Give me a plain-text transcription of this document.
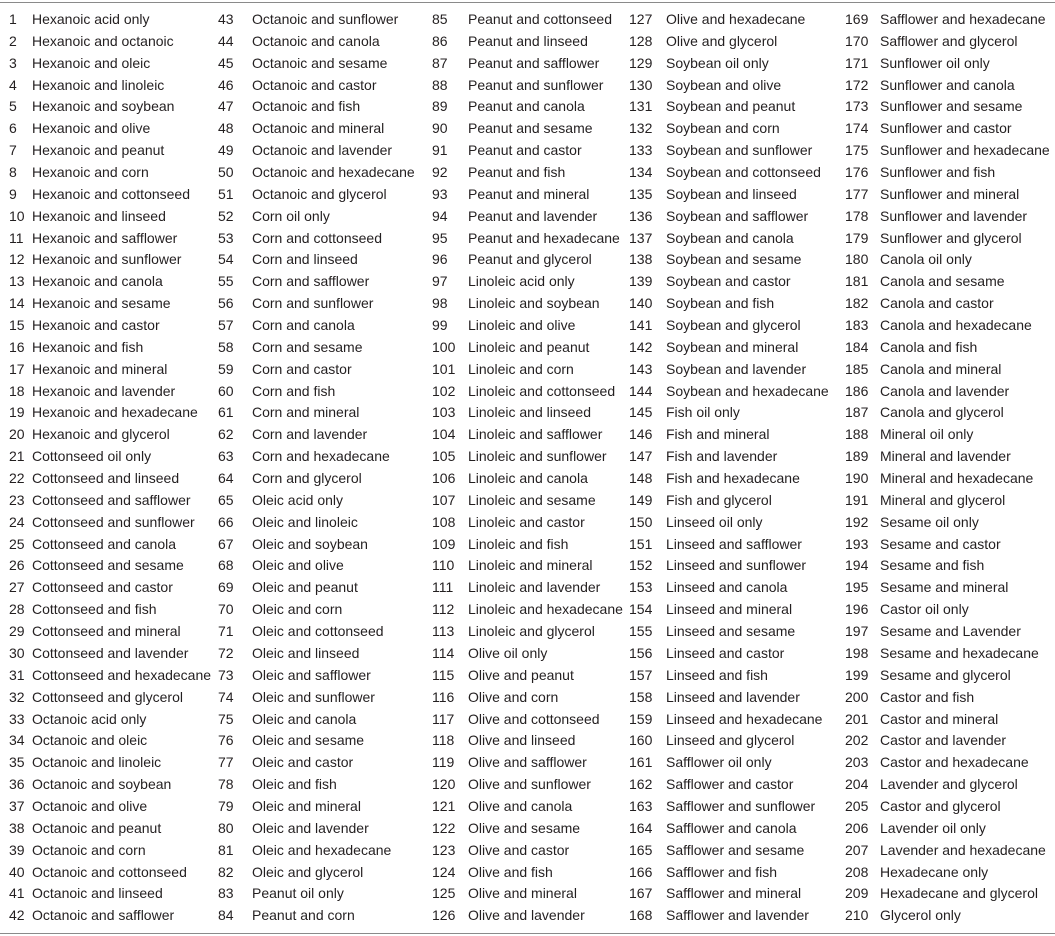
1 Hexanoic acid only
2 Hexanoic and octanoic
3 Hexanoic and oleic
4 Hexanoic and linoleic
5 Hexanoic and soybean
6 Hexanoic and olive
7 Hexanoic and peanut
8 Hexanoic and corn
9 Hexanoic and cottonseed
10 Hexanoic and linseed
11 Hexanoic and safflower
12 Hexanoic and sunflower
13 Hexanoic and canola
14 Hexanoic and sesame
15 Hexanoic and castor
16 Hexanoic and fish
17 Hexanoic and mineral
18 Hexanoic and lavender
19 Hexanoic and hexadecane
20 Hexanoic and glycerol
21 Cottonseed oil only
22 Cottonseed and linseed
23 Cottonseed and safflower
24 Cottonseed and sunflower
25 Cottonseed and canola
26 Cottonseed and sesame
27 Cottonseed and castor
28 Cottonseed and fish
29 Cottonseed and mineral
30 Cottonseed and lavender
31 Cottonseed and hexadecane
32 Cottonseed and glycerol
33 Octanoic acid only
34 Octanoic and oleic
35 Octanoic and linoleic
36 Octanoic and soybean
37 Octanoic and olive
38 Octanoic and peanut
39 Octanoic and corn
40 Octanoic and cottonseed
41 Octanoic and linseed
42 Octanoic and safflower
43 Octanoic and sunflower
44 Octanoic and canola
45 Octanoic and sesame
46 Octanoic and castor
47 Octanoic and fish
48 Octanoic and mineral
49 Octanoic and lavender
50 Octanoic and hexadecane
51 Octanoic and glycerol
52 Corn oil only
53 Corn and cottonseed
54 Corn and linseed
55 Corn and safflower
56 Corn and sunflower
57 Corn and canola
58 Corn and sesame
59 Corn and castor
60 Corn and fish
61 Corn and mineral
62 Corn and lavender
63 Corn and hexadecane
64 Corn and glycerol
65 Oleic acid only
66 Oleic and linoleic
67 Oleic and soybean
68 Oleic and olive
69 Oleic and peanut
70 Oleic and corn
71 Oleic and cottonseed
72 Oleic and linseed
73 Oleic and safflower
74 Oleic and sunflower
75 Oleic and canola
76 Oleic and sesame
77 Oleic and castor
78 Oleic and fish
79 Oleic and mineral
80 Oleic and lavender
81 Oleic and hexadecane
82 Oleic and glycerol
83 Peanut oil only
84 Peanut and corn
85 Peanut and cottonseed
86 Peanut and linseed
87 Peanut and safflower
88 Peanut and sunflower
89 Peanut and canola
90 Peanut and sesame
91 Peanut and castor
92 Peanut and fish
93 Peanut and mineral
94 Peanut and lavender
95 Peanut and hexadecane
96 Peanut and glycerol
97 Linoleic acid only
98 Linoleic and soybean
99 Linoleic and olive
100 Linoleic and peanut
101 Linoleic and corn
102 Linoleic and cottonseed
103 Linoleic and linseed
104 Linoleic and safflower
105 Linoleic and sunflower
106 Linoleic and canola
107 Linoleic and sesame
108 Linoleic and castor
109 Linoleic and fish
110 Linoleic and mineral
111 Linoleic and lavender
112 Linoleic and hexadecane
113 Linoleic and glycerol
114 Olive oil only
115 Olive and peanut
116 Olive and corn
117 Olive and cottonseed
118 Olive and linseed
119 Olive and safflower
120 Olive and sunflower
121 Olive and canola
122 Olive and sesame
123 Olive and castor
124 Olive and fish
125 Olive and mineral
126 Olive and lavender
127 Olive and hexadecane
128 Olive and glycerol
129 Soybean oil only
130 Soybean and olive
131 Soybean and peanut
132 Soybean and corn
133 Soybean and sunflower
134 Soybean and cottonseed
135 Soybean and linseed
136 Soybean and safflower
137 Soybean and canola
138 Soybean and sesame
139 Soybean and castor
140 Soybean and fish
141 Soybean and glycerol
142 Soybean and mineral
143 Soybean and lavender
144 Soybean and hexadecane
145 Fish oil only
146 Fish and mineral
147 Fish and lavender
148 Fish and hexadecane
149 Fish and glycerol
150 Linseed oil only
151 Linseed and safflower
152 Linseed and sunflower
153 Linseed and canola
154 Linseed and mineral
155 Linseed and sesame
156 Linseed and castor
157 Linseed and fish
158 Linseed and lavender
159 Linseed and hexadecane
160 Linseed and glycerol
161 Safflower oil only
162 Safflower and castor
163 Safflower and sunflower
164 Safflower and canola
165 Safflower and sesame
166 Safflower and fish
167 Safflower and mineral
168 Safflower and lavender
169 Safflower and hexadecane
170 Safflower and glycerol
171 Sunflower oil only
172 Sunflower and canola
173 Sunflower and sesame
174 Sunflower and castor
175 Sunflower and hexadecane
176 Sunflower and fish
177 Sunflower and mineral
178 Sunflower and lavender
179 Sunflower and glycerol
180 Canola oil only
181 Canola and sesame
182 Canola and castor
183 Canola and hexadecane
184 Canola and fish
185 Canola and mineral
186 Canola and lavender
187 Canola and glycerol
188 Mineral oil only
189 Mineral and lavender
190 Mineral and hexadecane
191 Mineral and glycerol
192 Sesame oil only
193 Sesame and castor
194 Sesame and fish
195 Sesame and mineral
196 Castor oil only
197 Sesame and Lavender
198 Sesame and hexadecane
199 Sesame and glycerol
200 Castor and fish
201 Castor and mineral
202 Castor and lavender
203 Castor and hexadecane
204 Lavender and glycerol
205 Castor and glycerol
206 Lavender oil only
207 Lavender and hexadecane
208 Hexadecane only
209 Hexadecane and glycerol
210 Glycerol only
